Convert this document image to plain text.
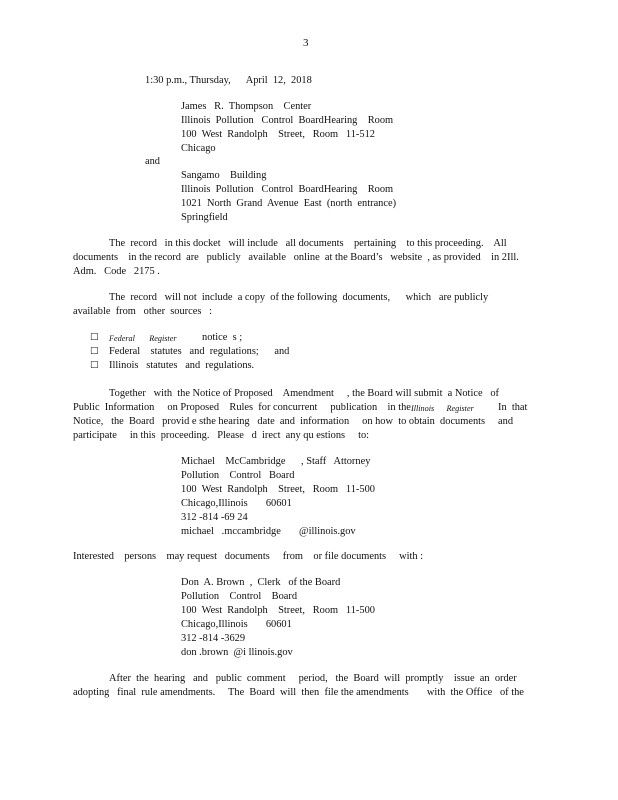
3
1:30 p.m., Thursday,      April  12,  2018
James   R.  Thompson    Center
Illinois  Pollution   Control  BoardHearing    Room
100  West  Randolph    Street,   Room   11-512
Chicago
and
Sangamo    Building
Illinois  Pollution   Control  BoardHearing    Room
1021  North  Grand  Avenue  East  (north  entrance)
Springfield
The  record   in this docket   will include   all documents    pertaining    to this proceeding.    All
documents    in the record  are   publicly   available   online  at the Board’s   website  , as provided    in 2Ill.
Adm.   Code   2175 .
The  record   will not  include  a copy  of the following  documents,      which   are publicly
available  from   other  sources   :
□ Federal       Register notice  s ;
□ Federal    statutes   and  regulations;      and
□ Illinois   statutes   and  regulations.
Together   with  the Notice of Proposed    Amendment     , the Board will submit  a Notice   of
Public  Information     on Proposed    Rules  for concurrent     publication    in the Illinois      Register In  that
Notice,   the  Board   provid e sthe hearing   date  and  information     on how  to obtain  documents     and
participate     in this  proceeding.   Please   d  irect  any qu estions     to:
Michael    McCambridge      , Staff   Attorney
Pollution    Control   Board
100  West  Randolph    Street,   Room   11-500
Chicago,Illinois       60601
312 -814 -69 24
michael   .mccambridge       @illinois.gov
Interested    persons    may request   documents     from    or file documents     with :
Don  A. Brown  ,  Clerk   of the Board
Pollution    Control    Board
100  West  Randolph    Street,   Room   11-500
Chicago,Illinois       60601
312 -814 -3629
don .brown  @i llinois.gov
After  the  hearing   and   public  comment     period,   the  Board  will  promptly    issue  an  order
adopting   final  rule amendments.     The  Board  will  then  file the amendments       with  the Office   of the
